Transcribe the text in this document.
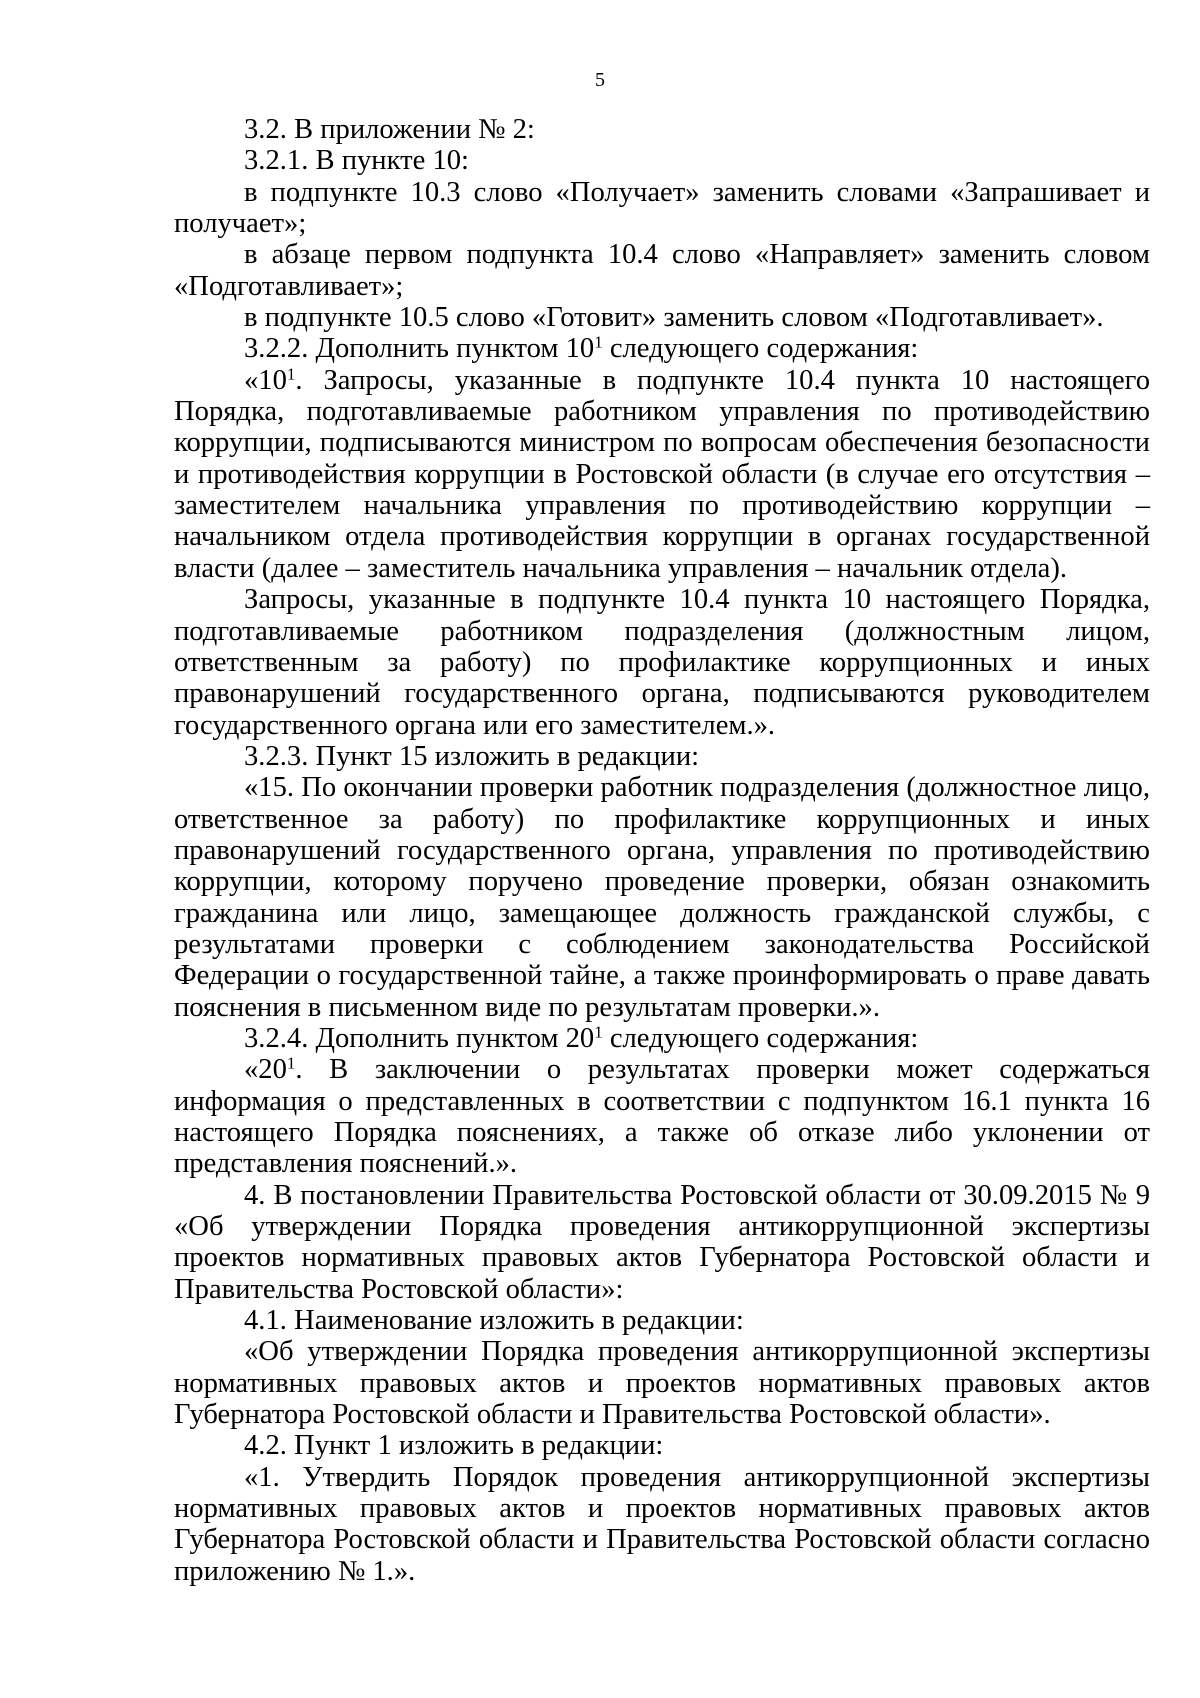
5

3.2. В приложении № 2:

3.2.1. В пункте 10:

в подпункте 10.3 слово «Получает» заменить словами «Запрашивает и получает»;

в абзаце первом подпункта 10.4 слово «Направляет» заменить словом «Подготавливает»;

в подпункте 10.5 слово «Готовит» заменить словом «Подготавливает».

3.2.2. Дополнить пунктом $10^1$ следующего содержания:

«$10^1$. Запросы, указанные в подпункте 10.4 пункта 10 настоящего Порядка, подготавливаемые работником управления по противодействию коррупции, подписываются министром по вопросам обеспечения безопасности и противодействия коррупции в Ростовской области (в случае его отсутствия – заместителем начальника управления по противодействию коррупции – начальником отдела противодействия коррупции в органах государственной власти (далее – заместитель начальника управления – начальник отдела).

Запросы, указанные в подпункте 10.4 пункта 10 настоящего Порядка, подготавливаемые работником подразделения (должностным лицом, ответственным за работу) по профилактике коррупционных и иных правонарушений государственного органа, подписываются руководителем государственного органа или его заместителем.».

3.2.3. Пункт 15 изложить в редакции:

«15. По окончании проверки работник подразделения (должностное лицо, ответственное за работу) по профилактике коррупционных и иных правонарушений государственного органа, управления по противодействию коррупции, которому поручено проведение проверки, обязан ознакомить гражданина или лицо, замещающее должность гражданской службы, с результатами проверки с соблюдением законодательства Российской Федерации о государственной тайне, а также проинформировать о праве давать пояснения в письменном виде по результатам проверки.».

3.2.4. Дополнить пунктом $20^1$ следующего содержания:

«$20^1$. В заключении о результатах проверки может содержаться информация о представленных в соответствии с подпунктом 16.1 пункта 16 настоящего Порядка пояснениях, а также об отказе либо уклонении от представления пояснений.».

4. В постановлении Правительства Ростовской области от 30.09.2015 № 9 «Об утверждении Порядка проведения антикоррупционной экспертизы проектов нормативных правовых актов Губернатора Ростовской области и Правительства Ростовской области»:

4.1. Наименование изложить в редакции:

«Об утверждении Порядка проведения антикоррупционной экспертизы нормативных правовых актов и проектов нормативных правовых актов Губернатора Ростовской области и Правительства Ростовской области».

4.2. Пункт 1 изложить в редакции:

«1. Утвердить Порядок проведения антикоррупционной экспертизы нормативных правовых актов и проектов нормативных правовых актов Губернатора Ростовской области и Правительства Ростовской области согласно приложению № 1.».
